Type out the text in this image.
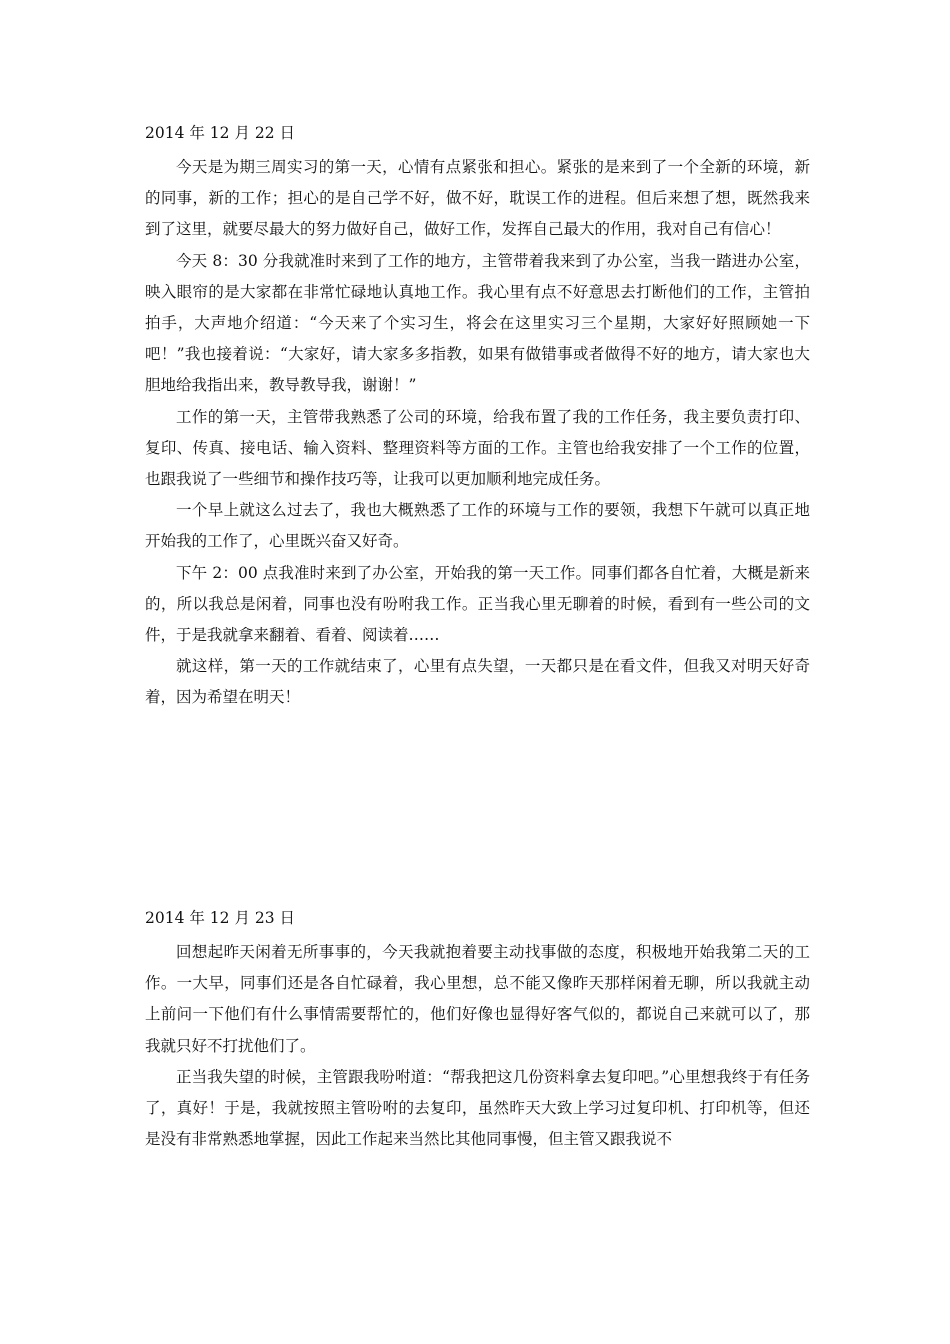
2014 年 12 月 22 日

今天是为期三周实习的第一天，心情有点紧张和担心。紧张的是来到了一个全新的环境，新的同事，新的工作；担心的是自己学不好，做不好，耽误工作的进程。但后来想了想，既然我来到了这里，就要尽最大的努力做好自己，做好工作，发挥自己最大的作用，我对自己有信心！

今天 8：30 分我就准时来到了工作的地方，主管带着我来到了办公室，当我一踏进办公室，映入眼帘的是大家都在非常忙碌地认真地工作。我心里有点不好意思去打断他们的工作，主管拍拍手，大声地介绍道：“今天来了个实习生，将会在这里实习三个星期，大家好好照顾她一下吧！”我也接着说：“大家好，请大家多多指教，如果有做错事或者做得不好的地方，请大家也大胆地给我指出来，教导教导我，谢谢！”

工作的第一天，主管带我熟悉了公司的环境，给我布置了我的工作任务，我主要负责打印、复印、传真、接电话、输入资料、整理资料等方面的工作。主管也给我安排了一个工作的位置，也跟我说了一些细节和操作技巧等，让我可以更加顺利地完成任务。

一个早上就这么过去了，我也大概熟悉了工作的环境与工作的要领，我想下午就可以真正地开始我的工作了，心里既兴奋又好奇。

下午 2：00 点我准时来到了办公室，开始我的第一天工作。同事们都各自忙着，大概是新来的，所以我总是闲着，同事也没有吩咐我工作。正当我心里无聊着的时候，看到有一些公司的文件，于是我就拿来翻着、看着、阅读着……

就这样，第一天的工作就结束了，心里有点失望，一天都只是在看文件，但我又对明天好奇着，因为希望在明天！

2014 年 12 月 23 日

回想起昨天闲着无所事事的，今天我就抱着要主动找事做的态度，积极地开始我第二天的工作。一大早，同事们还是各自忙碌着，我心里想，总不能又像昨天那样闲着无聊，所以我就主动上前问一下他们有什么事情需要帮忙的，他们好像也显得好客气似的，都说自己来就可以了，那我就只好不打扰他们了。

正当我失望的时候，主管跟我吩咐道：“帮我把这几份资料拿去复印吧。”心里想我终于有任务了，真好！于是，我就按照主管吩咐的去复印，虽然昨天大致上学习过复印机、打印机等，但还是没有非常熟悉地掌握，因此工作起来当然比其他同事慢，但主管又跟我说不
